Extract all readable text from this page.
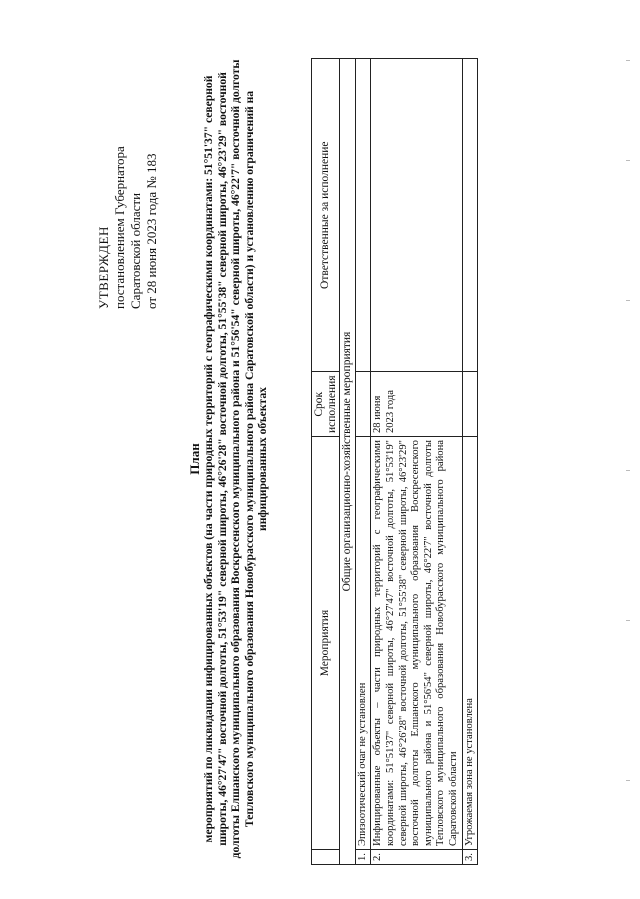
УТВЕРЖДЕН постановлением Губернатора Саратовской области от 28 июня 2023 года № 183
План мероприятий по ликвидации инфицированных объектов (на части природных территорий с географическими координатами: 51°51'37" северной широты, 46°27'47" восточной долготы, 51°53'19" северной широты, 46°26'28" восточной долготы, 51°55'38" северной широты, 46°23'29" восточной долготы Елшанского муниципального образования Воскресенского муниципального района и 51°56'54" северной широты, 46°22'7" восточной долготы Тепловского муниципального образования Новобурасского муниципального района Саратовской области) и установлению ограничений на инфицированных объектах
	Мероприятия	Срок исполнения	Ответственные за исполнение
Общие организационно-хозяйственные мероприятия			
1.	Эпизоотический очаг не установлен		
2.	Инфицированные объекты – части природных территорий с географическими координатами: 51°51'37" северной широты, 46°27'47" восточной долготы, 51°53'19" северной широты, 46°26'28" восточной долготы, 51°55'38" северной широты, 46°23'29" восточной долготы Елшанского муниципального образования Воскресенского муниципального района и 51°56'54" северной широты, 46°22'7" восточной долготы Тепловского муниципального образования Новобурасского муниципального района Саратовской области	28 июня 2023 года	
3.	Угрожаемая зона не установлена		
